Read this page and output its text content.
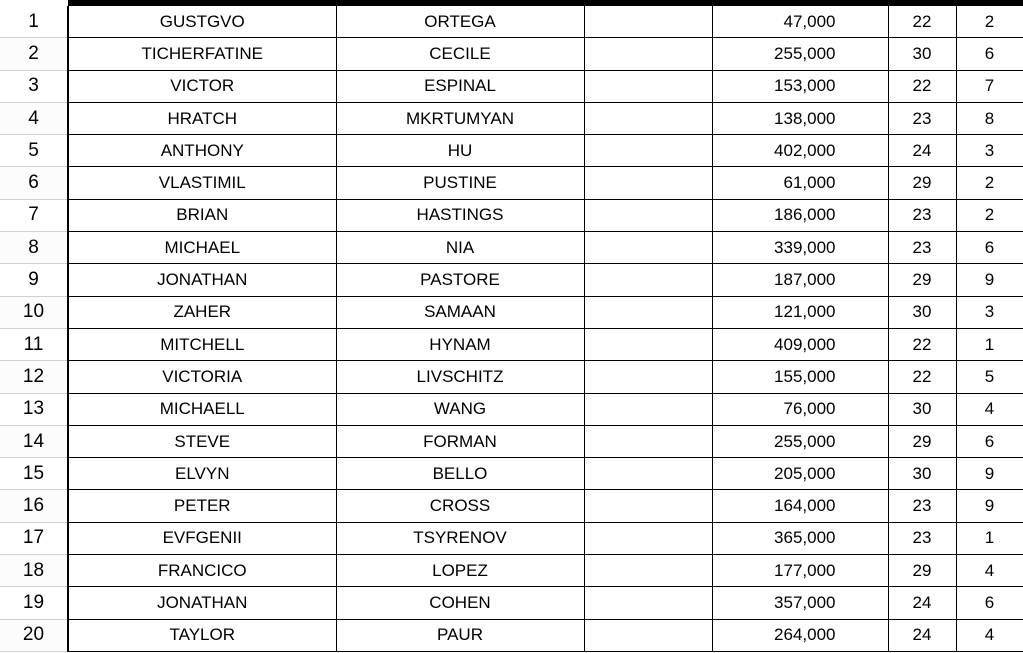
1	GUSTGVO	ORTEGA		47,000	22	2
2	TICHERFATINE	CECILE		255,000	30	6
3	VICTOR	ESPINAL		153,000	22	7
4	HRATCH	MKRTUMYAN		138,000	23	8
5	ANTHONY	HU		402,000	24	3
6	VLASTIMIL	PUSTINE		61,000	29	2
7	BRIAN	HASTINGS		186,000	23	2
8	MICHAEL	NIA		339,000	23	6
9	JONATHAN	PASTORE		187,000	29	9
10	ZAHER	SAMAAN		121,000	30	3
11	MITCHELL	HYNAM		409,000	22	1
12	VICTORIA	LIVSCHITZ		155,000	22	5
13	MICHAELL	WANG		76,000	30	4
14	STEVE	FORMAN		255,000	29	6
15	ELVYN	BELLO		205,000	30	9
16	PETER	CROSS		164,000	23	9
17	EVFGENII	TSYRENOV		365,000	23	1
18	FRANCICO	LOPEZ		177,000	29	4
19	JONATHAN	COHEN		357,000	24	6
20	TAYLOR	PAUR		264,000	24	4
